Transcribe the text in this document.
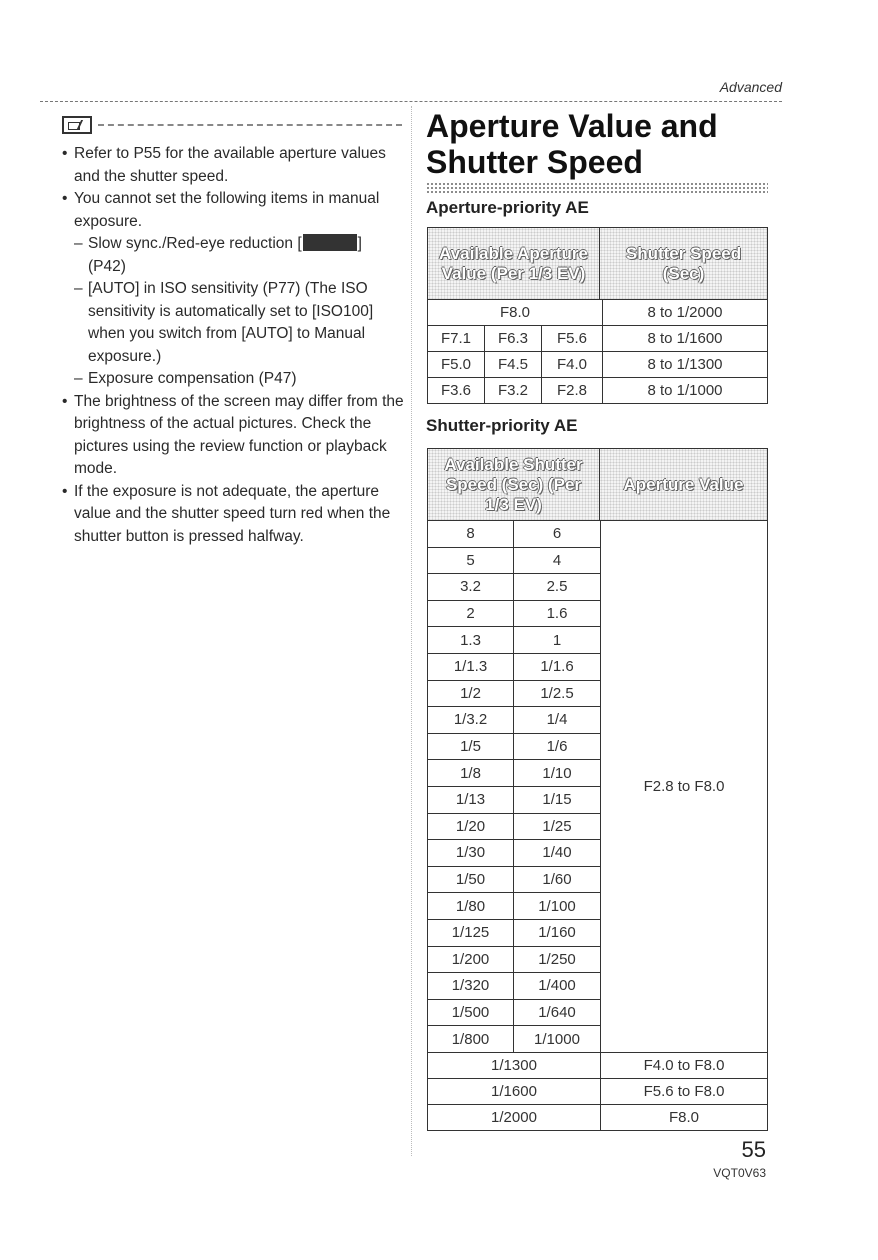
Advanced
• Refer to P55 for the available aperture values and the shutter speed.
• You cannot set the following items in manual exposure.
– Slow sync./Red-eye reduction [	]
(P42)
– [AUTO] in ISO sensitivity (P77) (The ISO sensitivity is automatically set to [ISO100] when you switch from [AUTO] to Manual exposure.)
– Exposure compensation (P47)
• The brightness of the screen may differ from the brightness of the actual pictures. Check the pictures using the review function or playback mode.
• If the exposure is not adequate, the aperture value and the shutter speed turn red when the shutter button is pressed halfway.
Aperture Value and
Shutter Speed
Aperture-priority AE
Available Aperture Value (Per 1/3 EV)
Shutter Speed (Sec)
F8.0			8 to 1/2000
F7.1	F6.3	F5.6	8 to 1/1600
F5.0	F4.5	F4.0	8 to 1/1300
F3.6	F3.2	F2.8	8 to 1/1000
Shutter-priority AE
Available Shutter Speed (Sec) (Per 1/3 EV)
Aperture Value
8	6	F2.8 to F8.0
5	4	
3.2	2.5	
2	1.6	
1.3	1	
1/1.3	1/1.6	
1/2	1/2.5	
1/3.2	1/4	
1/5	1/6	
1/8	1/10	
1/13	1/15	
1/20	1/25	
1/30	1/40	
1/50	1/60	
1/80	1/100	
1/125	1/160	
1/200	1/250	
1/320	1/400	
1/500	1/640	
1/800	1/1000	
1/1300		F4.0 to F8.0
1/1600		F5.6 to F8.0
1/2000		F8.0
55
VQT0V63
